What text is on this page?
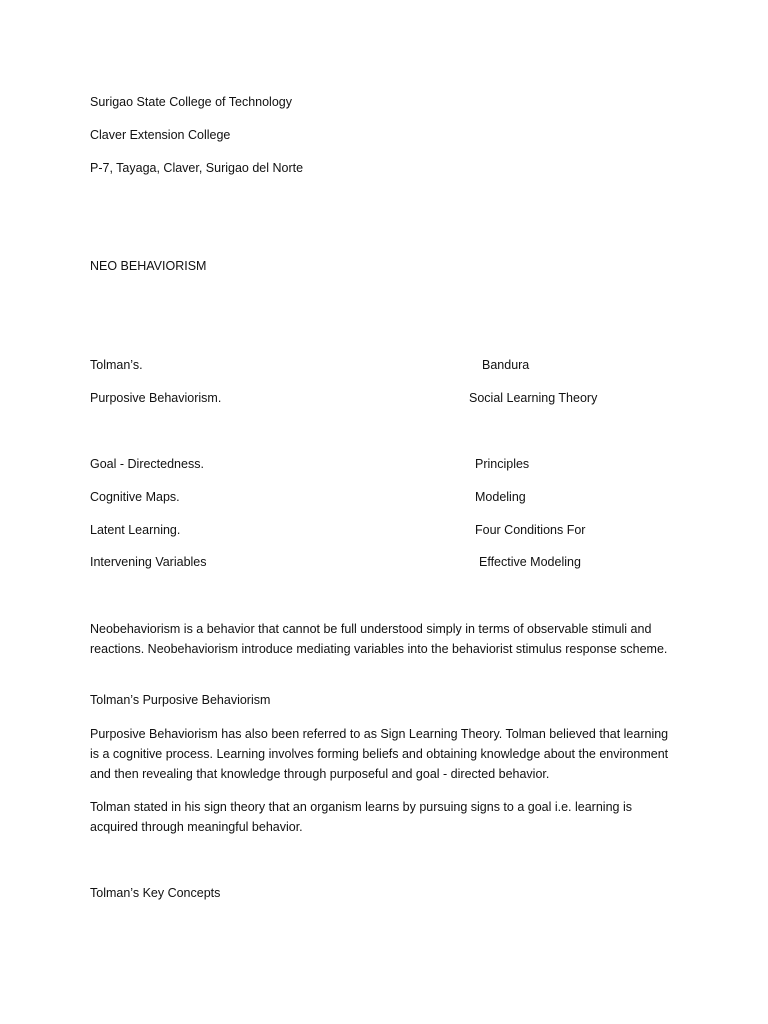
Surigao State College of Technology
Claver Extension College
P-7, Tayaga, Claver, Surigao del Norte
NEO BEHAVIORISM
Tolman’s.	Bandura
Purposive Behaviorism.	Social Learning Theory
Goal - Directedness.	Principles
Cognitive Maps.	Modeling
Latent Learning.	Four Conditions For
Intervening Variables	Effective Modeling
Neobehaviorism is a behavior that cannot be full understood simply in terms of observable stimuli and reactions. Neobehaviorism introduce mediating variables into the behaviorist stimulus response scheme.
Tolman’s Purposive Behaviorism
Purposive Behaviorism has also been referred to as Sign Learning Theory. Tolman believed that learning is a cognitive process. Learning involves forming beliefs and obtaining knowledge about the environment and then revealing that knowledge through purposeful and goal - directed behavior.
Tolman stated in his sign theory that an organism learns by pursuing signs to a goal i.e. learning is acquired through meaningful behavior.
Tolman’s Key Concepts
